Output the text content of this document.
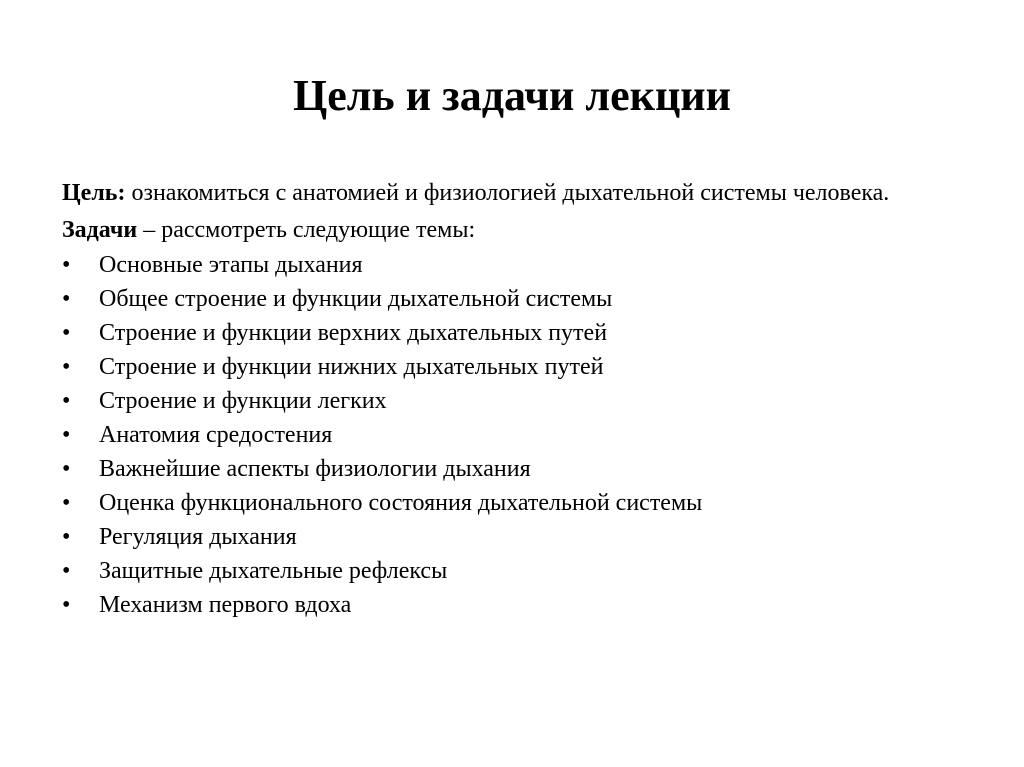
Цель и задачи лекции

Цель: ознакомиться с анатомией и физиологией дыхательной системы человека.

Задачи – рассмотреть следующие темы:

•	Основные этапы дыхания
•	Общее строение и функции дыхательной системы
•	Строение и функции верхних дыхательных путей
•	Строение и функции нижних дыхательных путей
•	Строение и функции легких
•	Анатомия средостения
•	Важнейшие аспекты физиологии дыхания
•	Оценка функционального состояния дыхательной системы
•	Регуляция дыхания
•	Защитные дыхательные рефлексы
•	Механизм первого вдоха
